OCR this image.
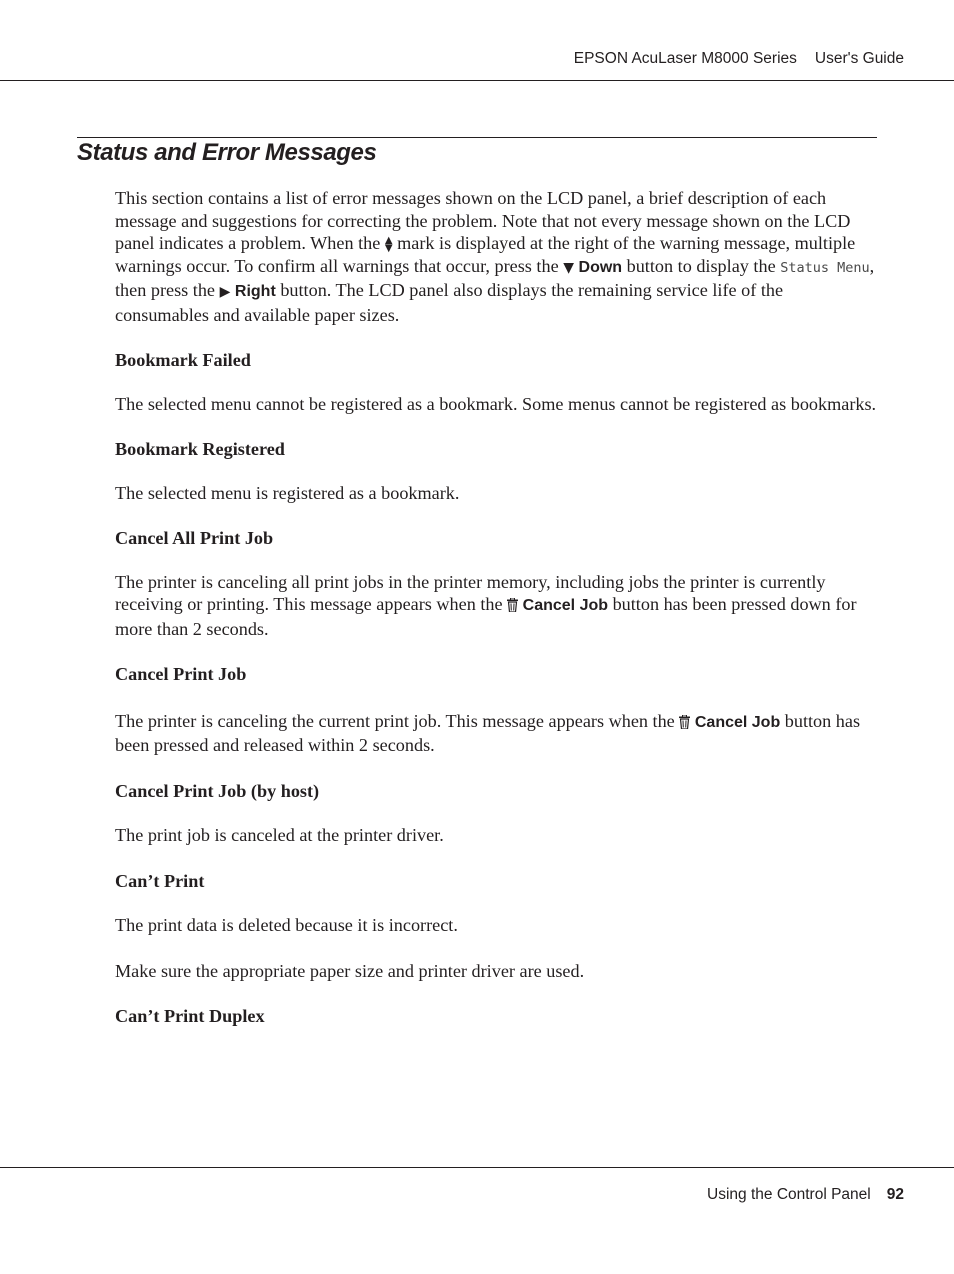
EPSON AcuLaser M8000 Series User's Guide
Status and Error Messages

This section contains a list of error messages shown on the LCD panel, a brief description of each message and suggestions for correcting the problem. Note that not every message shown on the LCD panel indicates a problem. When the ▲
▼ mark is displayed at the right of the warning message, multiple warnings occur. To confirm all warnings that occur, press the ▼ Down button to display the Status Menu, then press the ▶ Right button. The LCD panel also displays the remaining service life of the consumables and available paper sizes.

Bookmark Failed

The selected menu cannot be registered as a bookmark. Some menus cannot be registered as bookmarks.

Bookmark Registered

The selected menu is registered as a bookmark.

Cancel All Print Job

The printer is canceling all print jobs in the printer memory, including jobs the printer is currently receiving or printing. This message appears when the  Cancel Job button has been pressed down for more than 2 seconds.

Cancel Print Job

The printer is canceling the current print job. This message appears when the  Cancel Job button has been pressed and released within 2 seconds.

Cancel Print Job (by host)

The print job is canceled at the printer driver.

Can’t Print

The print data is deleted because it is incorrect.

Make sure the appropriate paper size and printer driver are used.

Can’t Print Duplex

Using the Control Panel 92
